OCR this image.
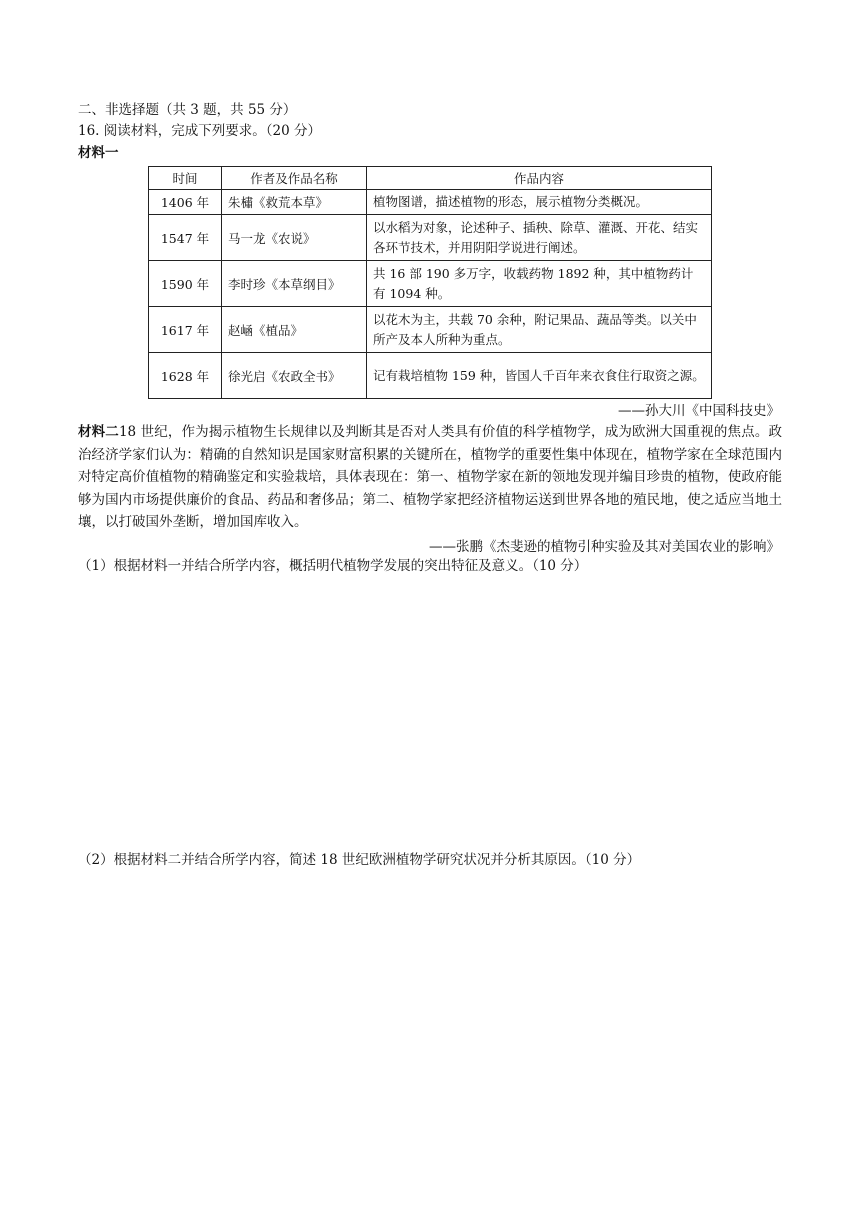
二、非选择题（共 3 题，共 55 分）
16. 阅读材料，完成下列要求。（20 分）
材料一
时间	作者及作品名称	作品内容
1406 年	朱橚《救荒本草》	植物图谱，描述植物的形态，展示植物分类概况。
1547 年	马一龙《农说》	以水稻为对象，论述种子、插秧、除草、灌溉、开花、结实各环节技术，并用阴阳学说进行阐述。
1590 年	李时珍《本草纲目》	共 16 部 190 多万字，收载药物 1892 种，其中植物药计有 1094 种。
1617 年	赵崡《植品》	以花木为主，共载 70 余种，附记果品、蔬品等类。以关中所产及本人所种为重点。
1628 年	徐光启《农政全书》	记有栽培植物 159 种，皆国人千百年来衣食住行取资之源。
——孙大川《中国科技史》
材料二18 世纪，作为揭示植物生长规律以及判断其是否对人类具有价值的科学植物学，成为欧洲大国重视的焦点。政治经济学家们认为：精确的自然知识是国家财富积累的关键所在，植物学的重要性集中体现在，植物学家在全球范围内对特定高价值植物的精确鉴定和实验栽培，具体表现在：第一、植物学家在新的领地发现并编目珍贵的植物，使政府能够为国内市场提供廉价的食品、药品和奢侈品；第二、植物学家把经济植物运送到世界各地的殖民地，使之适应当地土壤，以打破国外垄断，增加国库收入。
——张鹏《杰斐逊的植物引种实验及其对美国农业的影响》
（1）根据材料一并结合所学内容，概括明代植物学发展的突出特征及意义。（10 分）
（2）根据材料二并结合所学内容，简述 18 世纪欧洲植物学研究状况并分析其原因。（10 分）
